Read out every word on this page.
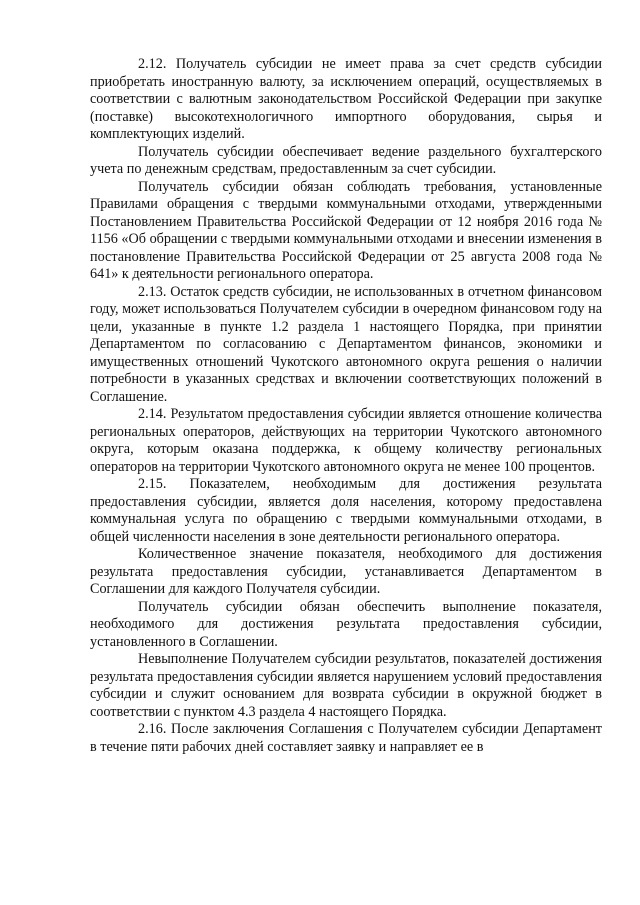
2.12. Получатель субсидии не имеет права за счет средств субсидии приобретать иностранную валюту, за исключением операций, осуществляемых в соответствии с валютным законодательством Российской Федерации при закупке (поставке) высокотехнологичного импортного оборудования, сырья и комплектующих изделий.

Получатель субсидии обеспечивает ведение раздельного бухгалтерского учета по денежным средствам, предоставленным за счет субсидии.

Получатель субсидии обязан соблюдать требования, установленные Правилами обращения с твердыми коммунальными отходами, утвержденными Постановлением Правительства Российской Федерации от 12 ноября 2016 года № 1156 «Об обращении с твердыми коммунальными отходами и внесении изменения в постановление Правительства Российской Федерации от 25 августа 2008 года № 641» к деятельности регионального оператора.

2.13. Остаток средств субсидии, не использованных в отчетном финансовом году, может использоваться Получателем субсидии в очередном финансовом году на цели, указанные в пункте 1.2 раздела 1 настоящего Порядка, при принятии Департаментом по согласованию с Департаментом финансов, экономики и имущественных отношений Чукотского автономного округа решения о наличии потребности в указанных средствах и включении соответствующих положений в Соглашение.

2.14. Результатом предоставления субсидии является отношение количества региональных операторов, действующих на территории Чукотского автономного округа, которым оказана поддержка, к общему количеству региональных операторов на территории Чукотского автономного округа не менее 100 процентов.

2.15. Показателем, необходимым для достижения результата предоставления субсидии, является доля населения, которому предоставлена коммунальная услуга по обращению с твердыми коммунальными отходами, в общей численности населения в зоне деятельности регионального оператора.

Количественное значение показателя, необходимого для достижения результата предоставления субсидии, устанавливается Департаментом в Соглашении для каждого Получателя субсидии.

Получатель субсидии обязан обеспечить выполнение показателя, необходимого для достижения результата предоставления субсидии, установленного в Соглашении.

Невыполнение Получателем субсидии результатов, показателей достижения результата предоставления субсидии является нарушением условий предоставления субсидии и служит основанием для возврата субсидии в окружной бюджет в соответствии с пунктом 4.3 раздела 4 настоящего Порядка.

2.16. После заключения Соглашения с Получателем субсидии Департамент в течение пяти рабочих дней составляет заявку и направляет ее в
